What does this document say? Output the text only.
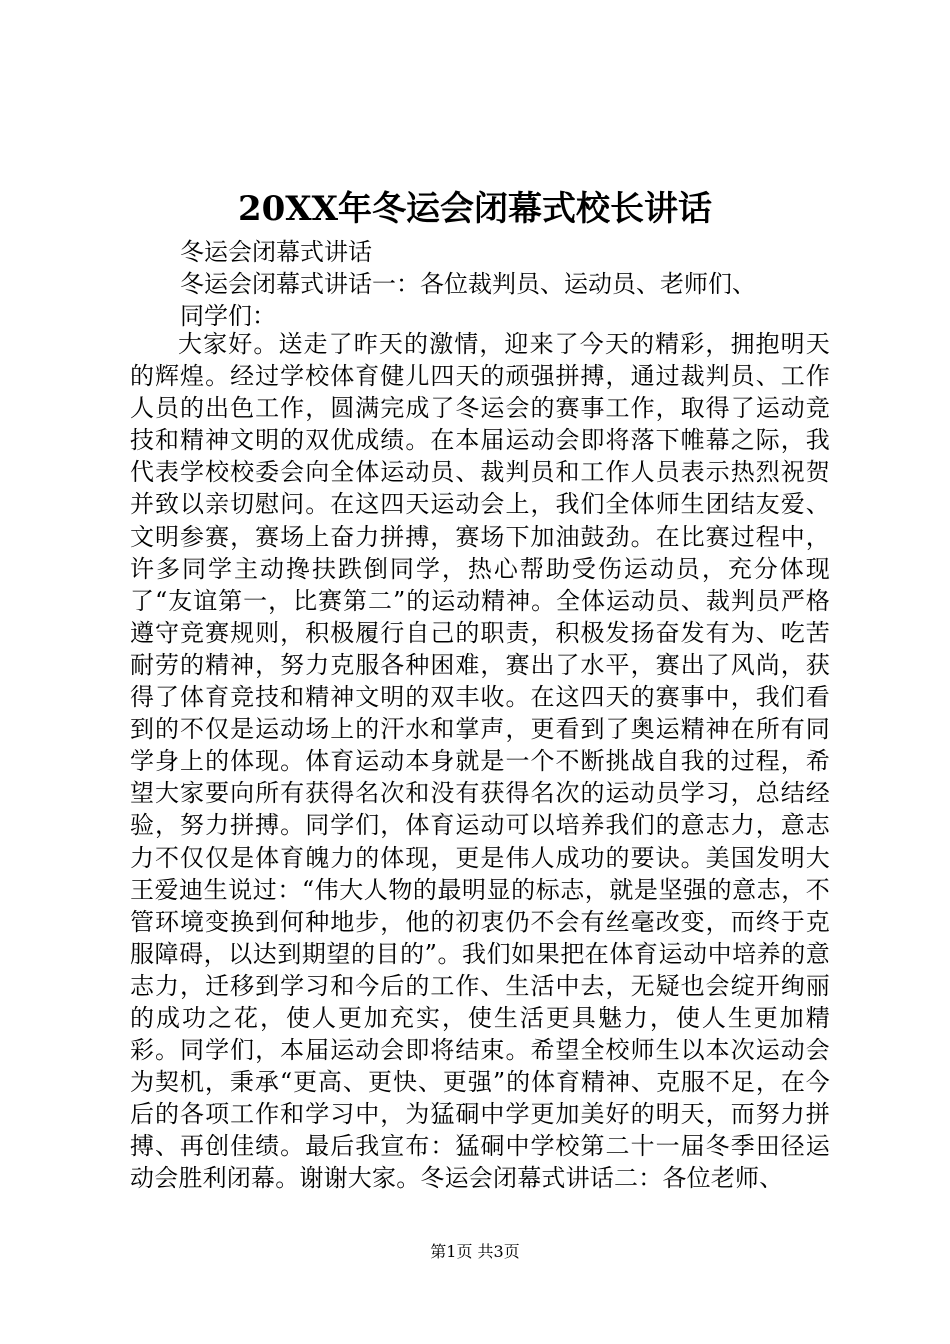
20XX年冬运会闭幕式校长讲话
冬运会闭幕式讲话
冬运会闭幕式讲话一：各位裁判员、运动员、老师们、
同学们：

大家好。送走了昨天的激情，迎来了今天的精彩，拥抱明天的辉煌。经过学校体育健儿四天的顽强拼搏，通过裁判员、工作人员的出色工作，圆满完成了冬运会的赛事工作，取得了运动竞技和精神文明的双优成绩。在本届运动会即将落下帷幕之际，我代表学校校委会向全体运动员、裁判员和工作人员表示热烈祝贺并致以亲切慰问。在这四天运动会上，我们全体师生团结友爱、文明参赛，赛场上奋力拼搏，赛场下加油鼓劲。在比赛过程中，许多同学主动搀扶跌倒同学，热心帮助受伤运动员，充分体现了“友谊第一，比赛第二”的运动精神。全体运动员、裁判员严格遵守竞赛规则，积极履行自己的职责，积极发扬奋发有为、吃苦耐劳的精神，努力克服各种困难，赛出了水平，赛出了风尚，获得了体育竞技和精神文明的双丰收。在这四天的赛事中，我们看到的不仅是运动场上的汗水和掌声，更看到了奥运精神在所有同学身上的体现。体育运动本身就是一个不断挑战自我的过程，希望大家要向所有获得名次和没有获得名次的运动员学习，总结经验，努力拼搏。同学们，体育运动可以培养我们的意志力，意志力不仅仅是体育魄力的体现，更是伟人成功的要诀。美国发明大王爱迪生说过：“伟大人物的最明显的标志，就是坚强的意志，不管环境变换到何种地步，他的初衷仍不会有丝毫改变，而终于克服障碍，以达到期望的目的”。我们如果把在体育运动中培养的意志力，迁移到学习和今后的工作、生活中去，无疑也会绽开绚丽的成功之花，使人更加充实，使生活更具魅力，使人生更加精彩。同学们，本届运动会即将结束。希望全校师生以本次运动会为契机，秉承“更高、更快、更强”的体育精神、克服不足，在今后的各项工作和学习中，为猛硐中学更加美好的明天，而努力拼搏、再创佳绩。最后我宣布：猛硐中学校第二十一届冬季田径运动会胜利闭幕。谢谢大家。冬运会闭幕式讲话二：各位老师、

第1页 共3页
